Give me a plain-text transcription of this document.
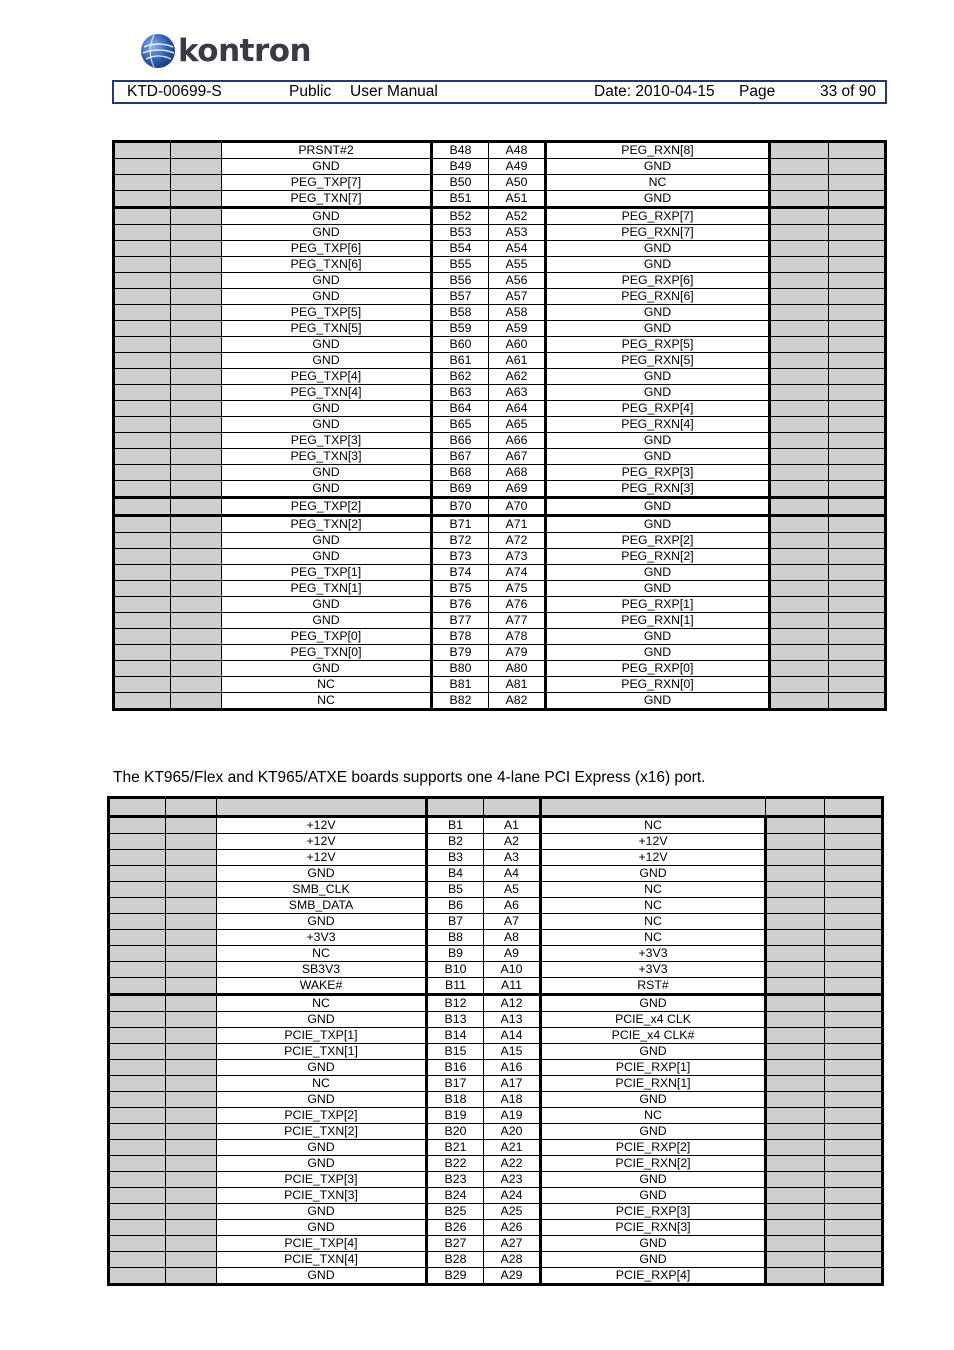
kontron
KTD-00699-S	Public User Manual	Date: 2010-04-15 Page	33 of 90
		PRSNT#2	B48	A48	PEG_RXN[8]		
		GND	B49	A49	GND		
		PEG_TXP[7]	B50	A50	NC		
		PEG_TXN[7]	B51	A51	GND		
		GND	B52	A52	PEG_RXP[7]		
		GND	B53	A53	PEG_RXN[7]		
		PEG_TXP[6]	B54	A54	GND		
		PEG_TXN[6]	B55	A55	GND		
		GND	B56	A56	PEG_RXP[6]		
		GND	B57	A57	PEG_RXN[6]		
		PEG_TXP[5]	B58	A58	GND		
		PEG_TXN[5]	B59	A59	GND		
		GND	B60	A60	PEG_RXP[5]		
		GND	B61	A61	PEG_RXN[5]		
		PEG_TXP[4]	B62	A62	GND		
		PEG_TXN[4]	B63	A63	GND		
		GND	B64	A64	PEG_RXP[4]		
		GND	B65	A65	PEG_RXN[4]		
		PEG_TXP[3]	B66	A66	GND		
		PEG_TXN[3]	B67	A67	GND		
		GND	B68	A68	PEG_RXP[3]		
		GND	B69	A69	PEG_RXN[3]		
		PEG_TXP[2]	B70	A70	GND		
		PEG_TXN[2]	B71	A71	GND		
		GND	B72	A72	PEG_RXP[2]		
		GND	B73	A73	PEG_RXN[2]		
		PEG_TXP[1]	B74	A74	GND		
		PEG_TXN[1]	B75	A75	GND		
		GND	B76	A76	PEG_RXP[1]		
		GND	B77	A77	PEG_RXN[1]		
		PEG_TXP[0]	B78	A78	GND		
		PEG_TXN[0]	B79	A79	GND		
		GND	B80	A80	PEG_RXP[0]		
		NC	B81	A81	PEG_RXN[0]		
		NC	B82	A82	GND		
The KT965/Flex and KT965/ATXE boards supports one 4-lane PCI Express (x16) port.

		+12V	B1	A1	NC		
		+12V	B2	A2	+12V		
		+12V	B3	A3	+12V		
		GND	B4	A4	GND		
		SMB_CLK	B5	A5	NC		
		SMB_DATA	B6	A6	NC		
		GND	B7	A7	NC		
		+3V3	B8	A8	NC		
		NC	B9	A9	+3V3		
		SB3V3	B10	A10	+3V3		
		WAKE#	B11	A11	RST#		
		NC	B12	A12	GND		
		GND	B13	A13	PCIE_x4 CLK		
		PCIE_TXP[1]	B14	A14	PCIE_x4 CLK#		
		PCIE_TXN[1]	B15	A15	GND		
		GND	B16	A16	PCIE_RXP[1]		
		NC	B17	A17	PCIE_RXN[1]		
		GND	B18	A18	GND		
		PCIE_TXP[2]	B19	A19	NC		
		PCIE_TXN[2]	B20	A20	GND		
		GND	B21	A21	PCIE_RXP[2]		
		GND	B22	A22	PCIE_RXN[2]		
		PCIE_TXP[3]	B23	A23	GND		
		PCIE_TXN[3]	B24	A24	GND		
		GND	B25	A25	PCIE_RXP[3]		
		GND	B26	A26	PCIE_RXN[3]		
		PCIE_TXP[4]	B27	A27	GND		
		PCIE_TXN[4]	B28	A28	GND		
		GND	B29	A29	PCIE_RXP[4]		
